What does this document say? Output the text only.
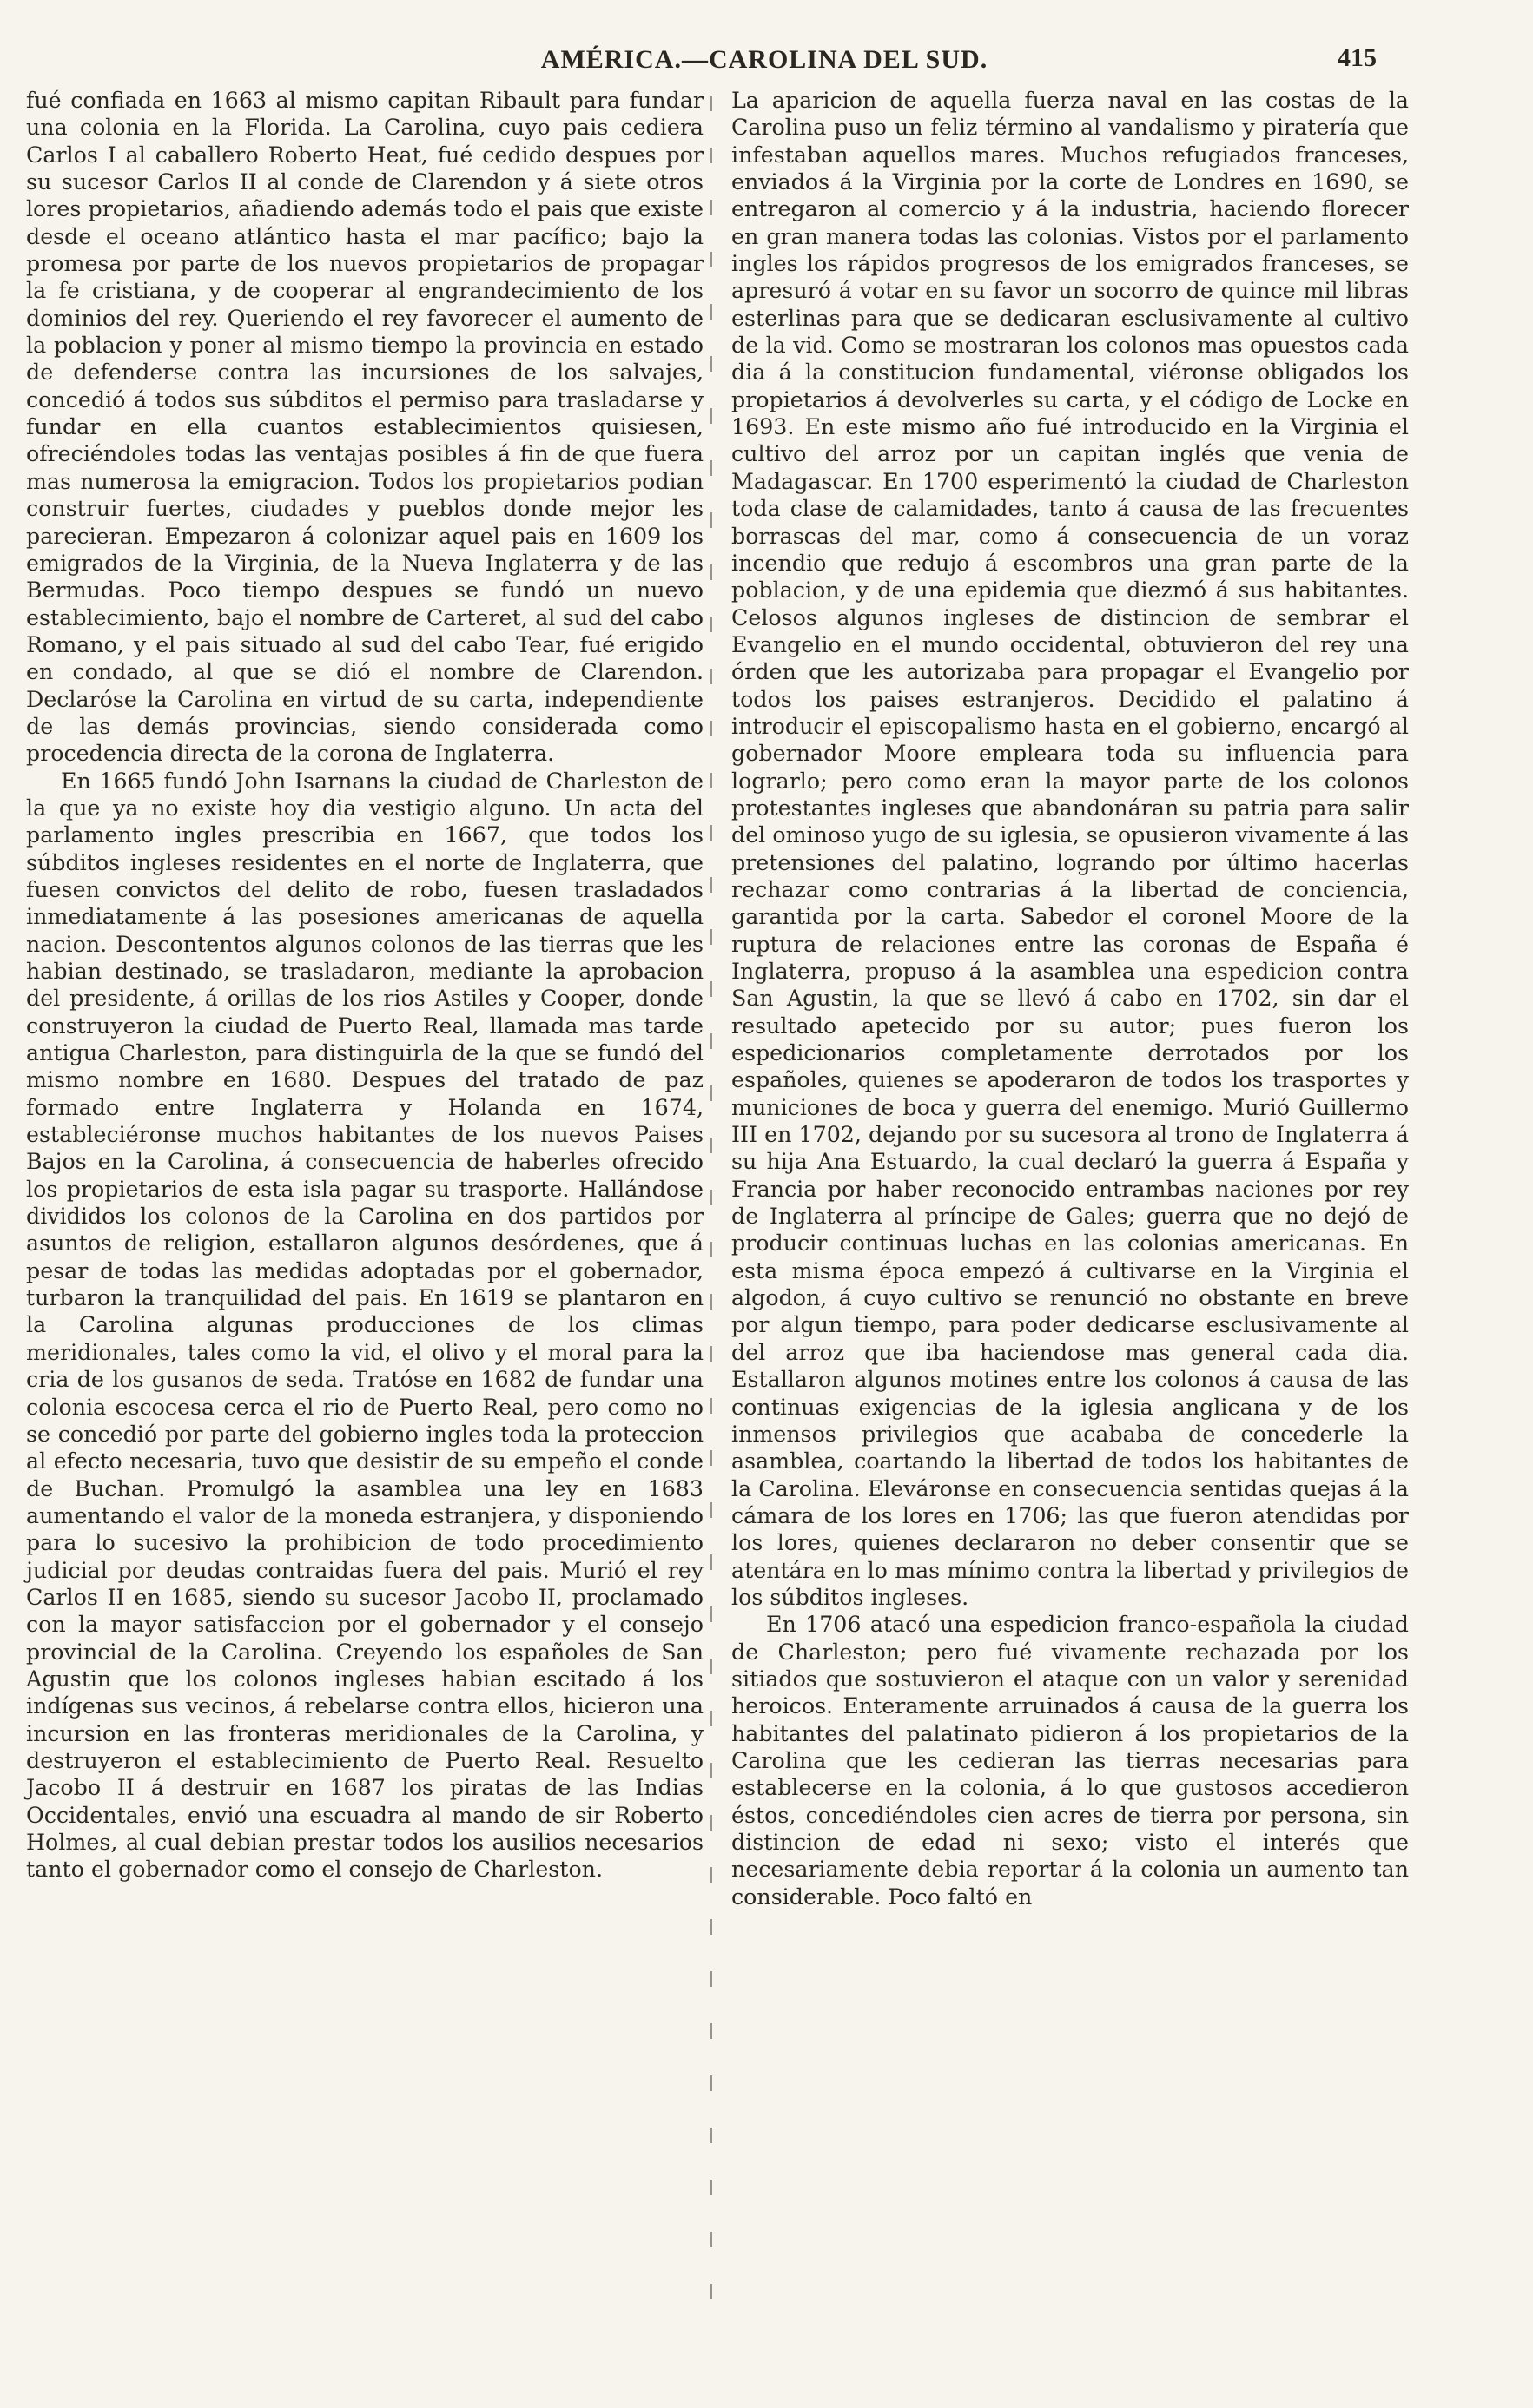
AMÉRICA.—CAROLINA DEL SUD.	415

fué confiada en 1663 al mismo capitan Ribault para fundar una colonia en la Florida. La Carolina, cuyo pais cediera Carlos I al caballero Roberto Heat, fué cedido despues por su sucesor Carlos II al conde de Clarendon y á siete otros lores propietarios, añadiendo además todo el pais que existe desde el oceano atlántico hasta el mar pacífico; bajo la promesa por parte de los nuevos propietarios de propagar la fe cristiana, y de cooperar al engrandecimiento de los dominios del rey. Queriendo el rey favorecer el aumento de la poblacion y poner al mismo tiempo la provincia en estado de defenderse contra las incursiones de los salvajes, concedió á todos sus súbditos el permiso para trasladarse y fundar en ella cuantos establecimientos quisiesen, ofreciéndoles todas las ventajas posibles á fin de que fuera mas numerosa la emigracion. Todos los propietarios podian construir fuertes, ciudades y pueblos donde mejor les parecieran. Empezaron á colonizar aquel pais en 1609 los emigrados de la Virginia, de la Nueva Inglaterra y de las Bermudas. Poco tiempo despues se fundó un nuevo establecimiento, bajo el nombre de Carteret, al sud del cabo Romano, y el pais situado al sud del cabo Tear, fué erigido en condado, al que se dió el nombre de Clarendon. Declaróse la Carolina en virtud de su carta, independiente de las demás provincias, siendo considerada como procedencia directa de la corona de Inglaterra.

En 1665 fundó John Isarnans la ciudad de Charleston de la que ya no existe hoy dia vestigio alguno. Un acta del parlamento ingles prescribia en 1667, que todos los súbditos ingleses residentes en el norte de Inglaterra, que fuesen convictos del delito de robo, fuesen trasladados inmediatamente á las posesiones americanas de aquella nacion. Descontentos algunos colonos de las tierras que les habian destinado, se trasladaron, mediante la aprobacion del presidente, á orillas de los rios Astiles y Cooper, donde construyeron la ciudad de Puerto Real, llamada mas tarde antigua Charleston, para distinguirla de la que se fundó del mismo nombre en 1680. Despues del tratado de paz formado entre Inglaterra y Holanda en 1674, estableciéronse muchos habitantes de los nuevos Paises Bajos en la Carolina, á consecuencia de haberles ofrecido los propietarios de esta isla pagar su trasporte. Hallándose divididos los colonos de la Carolina en dos partidos por asuntos de religion, estallaron algunos desórdenes, que á pesar de todas las medidas adoptadas por el gobernador, turbaron la tranquilidad del pais. En 1619 se plantaron en la Carolina algunas producciones de los climas meridionales, tales como la vid, el olivo y el moral para la cria de los gusanos de seda. Tratóse en 1682 de fundar una colonia escocesa cerca el rio de Puerto Real, pero como no se concedió por parte del gobierno ingles toda la proteccion al efecto necesaria, tuvo que desistir de su empeño el conde de Buchan. Promulgó la asamblea una ley en 1683 aumentando el valor de la moneda estranjera, y disponiendo para lo sucesivo la prohibicion de todo procedimiento judicial por deudas contraidas fuera del pais. Murió el rey Carlos II en 1685, siendo su sucesor Jacobo II, proclamado con la mayor satisfaccion por el gobernador y el consejo provincial de la Carolina. Creyendo los españoles de San Agustin que los colonos ingleses habian escitado á los indígenas sus vecinos, á rebelarse contra ellos, hicieron una incursion en las fronteras meridionales de la Carolina, y destruyeron el establecimiento de Puerto Real. Resuelto Jacobo II á destruir en 1687 los piratas de las Indias Occidentales, envió una escuadra al mando de sir Roberto Holmes, al cual debian prestar todos los ausilios necesarios tanto el gobernador como el consejo de Charleston.

La aparicion de aquella fuerza naval en las costas de la Carolina puso un feliz término al vandalismo y piratería que infestaban aquellos mares. Muchos refugiados franceses, enviados á la Virginia por la corte de Londres en 1690, se entregaron al comercio y á la industria, haciendo florecer en gran manera todas las colonias. Vistos por el parlamento ingles los rápidos progresos de los emigrados franceses, se apresuró á votar en su favor un socorro de quince mil libras esterlinas para que se dedicaran esclusivamente al cultivo de la vid. Como se mostraran los colonos mas opuestos cada dia á la constitucion fundamental, viéronse obligados los propietarios á devolverles su carta, y el código de Locke en 1693. En este mismo año fué introducido en la Virginia el cultivo del arroz por un capitan inglés que venia de Madagascar. En 1700 esperimentó la ciudad de Charleston toda clase de calamidades, tanto á causa de las frecuentes borrascas del mar, como á consecuencia de un voraz incendio que redujo á escombros una gran parte de la poblacion, y de una epidemia que diezmó á sus habitantes. Celosos algunos ingleses de distincion de sembrar el Evangelio en el mundo occidental, obtuvieron del rey una órden que les autorizaba para propagar el Evangelio por todos los paises estranjeros. Decidido el palatino á introducir el episcopalismo hasta en el gobierno, encargó al gobernador Moore empleara toda su influencia para lograrlo; pero como eran la mayor parte de los colonos protestantes ingleses que abandonáran su patria para salir del ominoso yugo de su iglesia, se opusieron vivamente á las pretensiones del palatino, logrando por último hacerlas rechazar como contrarias á la libertad de conciencia, garantida por la carta. Sabedor el coronel Moore de la ruptura de relaciones entre las coronas de España é Inglaterra, propuso á la asamblea una espedicion contra San Agustin, la que se llevó á cabo en 1702, sin dar el resultado apetecido por su autor; pues fueron los espedicionarios completamente derrotados por los españoles, quienes se apoderaron de todos los trasportes y municiones de boca y guerra del enemigo. Murió Guillermo III en 1702, dejando por su sucesora al trono de Inglaterra á su hija Ana Estuardo, la cual declaró la guerra á España y Francia por haber reconocido entrambas naciones por rey de Inglaterra al príncipe de Gales; guerra que no dejó de producir continuas luchas en las colonias americanas. En esta misma época empezó á cultivarse en la Virginia el algodon, á cuyo cultivo se renunció no obstante en breve por algun tiempo, para poder dedicarse esclusivamente al del arroz que iba haciendose mas general cada dia. Estallaron algunos motines entre los colonos á causa de las continuas exigencias de la iglesia anglicana y de los inmensos privilegios que acababa de concederle la asamblea, coartando la libertad de todos los habitantes de la Carolina. Eleváronse en consecuencia sentidas quejas á la cámara de los lores en 1706; las que fueron atendidas por los lores, quienes declararon no deber consentir que se atentára en lo mas mínimo contra la libertad y privilegios de los súbditos ingleses.

En 1706 atacó una espedicion franco-española la ciudad de Charleston; pero fué vivamente rechazada por los sitiados que sostuvieron el ataque con un valor y serenidad heroicos. Enteramente arruinados á causa de la guerra los habitantes del palatinato pidieron á los propietarios de la Carolina que les cedieran las tierras necesarias para establecerse en la colonia, á lo que gustosos accedieron éstos, concediéndoles cien acres de tierra por persona, sin distincion de edad ni sexo; visto el interés que necesariamente debia reportar á la colonia un aumento tan considerable. Poco faltó en
